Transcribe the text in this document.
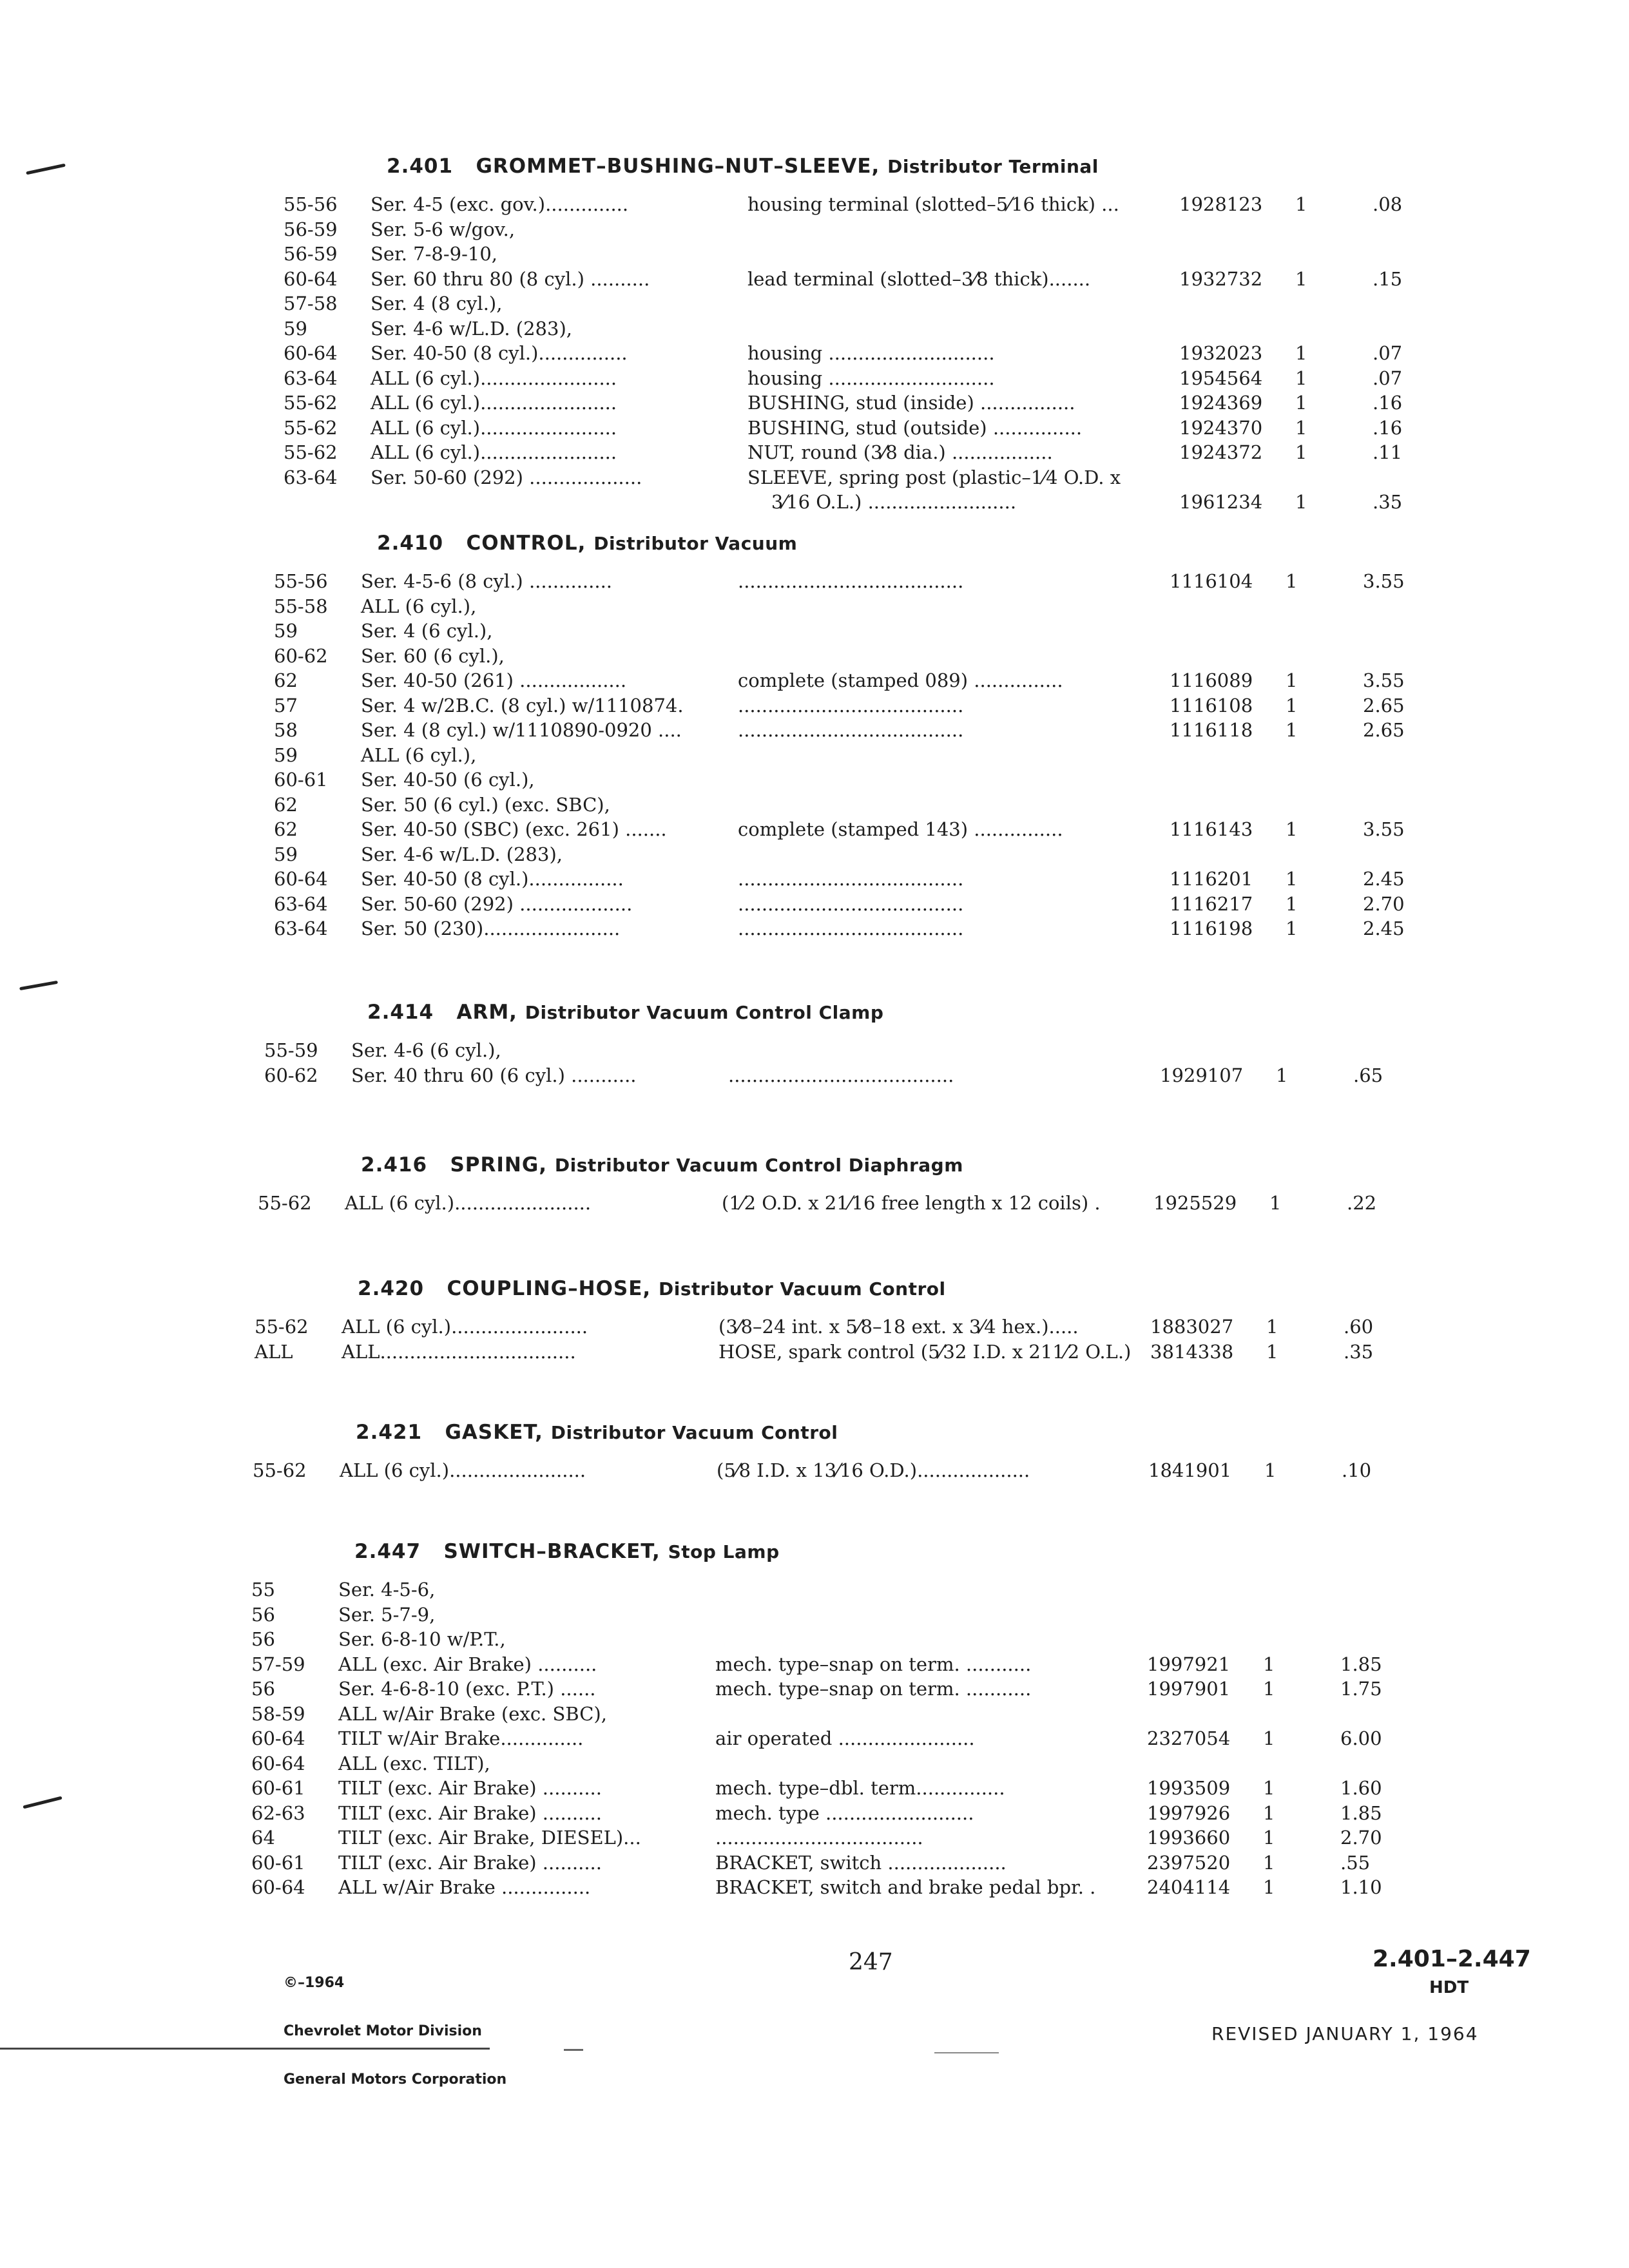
2.401 GROMMET–BUSHING–NUT–SLEEVE, Distributor Terminal
55-56	Ser. 4-5 (exc. gov.)..............	housing terminal (slotted–5⁄16 thick) ...	1928123 1	.08
56-59	Ser. 5-6 w/gov.,
56-59	Ser. 7-8-9-10,
60-64	Ser. 60 thru 80 (8 cyl.) ..........	lead terminal (slotted–3⁄8 thick).......	1932732 1	.15
57-58	Ser. 4 (8 cyl.),
59	Ser. 4-6 w/L.D. (283),
60-64	Ser. 40-50 (8 cyl.)...............	housing ............................	1932023 1	.07
63-64	ALL (6 cyl.).......................	housing ............................	1954564 1	.07
55-62	ALL (6 cyl.).......................	BUSHING, stud (inside) ................	1924369 1	.16
55-62	ALL (6 cyl.).......................	BUSHING, stud (outside) ...............	1924370 1	.16
55-62	ALL (6 cyl.).......................	NUT, round (3⁄8 dia.) .................	1924372 1	.11
63-64	Ser. 50-60 (292) ...................	SLEEVE, spring post (plastic–1⁄4 O.D. x
3⁄16 O.L.) .........................	1961234 1	.35
2.410 CONTROL, Distributor Vacuum
55-56	Ser. 4-5-6 (8 cyl.) ..............	......................................	1116104 1	3.55
55-58	ALL (6 cyl.),
59	Ser. 4 (6 cyl.),
60-62	Ser. 60 (6 cyl.),
62	Ser. 40-50 (261) ..................	complete (stamped 089) ...............	1116089 1	3.55
57	Ser. 4 w/2B.C. (8 cyl.) w/1110874.	......................................	1116108 1	2.65
58	Ser. 4 (8 cyl.) w/1110890-0920 ....	......................................	1116118 1	2.65
59	ALL (6 cyl.),
60-61	Ser. 40-50 (6 cyl.),
62	Ser. 50 (6 cyl.) (exc. SBC),
62	Ser. 40-50 (SBC) (exc. 261) .......	complete (stamped 143) ...............	1116143 1	3.55
59	Ser. 4-6 w/L.D. (283),
60-64	Ser. 40-50 (8 cyl.)................	......................................	1116201 1	2.45
63-64	Ser. 50-60 (292) ...................	......................................	1116217 1	2.70
63-64	Ser. 50 (230).......................	......................................	1116198 1	2.45
2.414 ARM, Distributor Vacuum Control Clamp
55-59	Ser. 4-6 (6 cyl.),
60-62	Ser. 40 thru 60 (6 cyl.) ...........	......................................	1929107 1	.65
2.416 SPRING, Distributor Vacuum Control Diaphragm
55-62	ALL (6 cyl.).......................	(1⁄2 O.D. x 21⁄16 free length x 12 coils) .	1925529 1	.22
2.420 COUPLING–HOSE, Distributor Vacuum Control
55-62	ALL (6 cyl.).......................	(3⁄8–24 int. x 5⁄8–18 ext. x 3⁄4 hex.).....	1883027 1	.60
ALL	ALL.................................	HOSE, spark control (5⁄32 I.D. x 211⁄2 O.L.) 3814338 1	.35
2.421 GASKET, Distributor Vacuum Control
55-62	ALL (6 cyl.).......................	(5⁄8 I.D. x 13⁄16 O.D.)...................	1841901 1	.10
2.447 SWITCH–BRACKET, Stop Lamp
55	Ser. 4-5-6,
56	Ser. 5-7-9,
56	Ser. 6-8-10 w/P.T.,
57-59	ALL (exc. Air Brake) ..........	mech. type–snap on term. ...........	1997921 1	1.85
56	Ser. 4-6-8-10 (exc. P.T.) ......	mech. type–snap on term. ...........	1997901 1	1.75
58-59	ALL w/Air Brake (exc. SBC),
60-64	TILT w/Air Brake..............	air operated .......................	2327054 1	6.00
60-64	ALL (exc. TILT),
60-61	TILT (exc. Air Brake) ..........	mech. type–dbl. term...............	1993509 1	1.60
62-63	TILT (exc. Air Brake) ..........	mech. type .........................	1997926 1	1.85
64	TILT (exc. Air Brake, DIESEL)...	...................................	1993660 1	2.70
60-61	TILT (exc. Air Brake) ..........	BRACKET, switch ....................	2397520 1	.55
60-64	ALL w/Air Brake ...............	BRACKET, switch and brake pedal bpr. .	2404114 1	1.10

©–1964

Chevrolet Motor Division

General Motors Corporation

247	2.401–2.447
HDT
REVISED JANUARY 1, 1964
